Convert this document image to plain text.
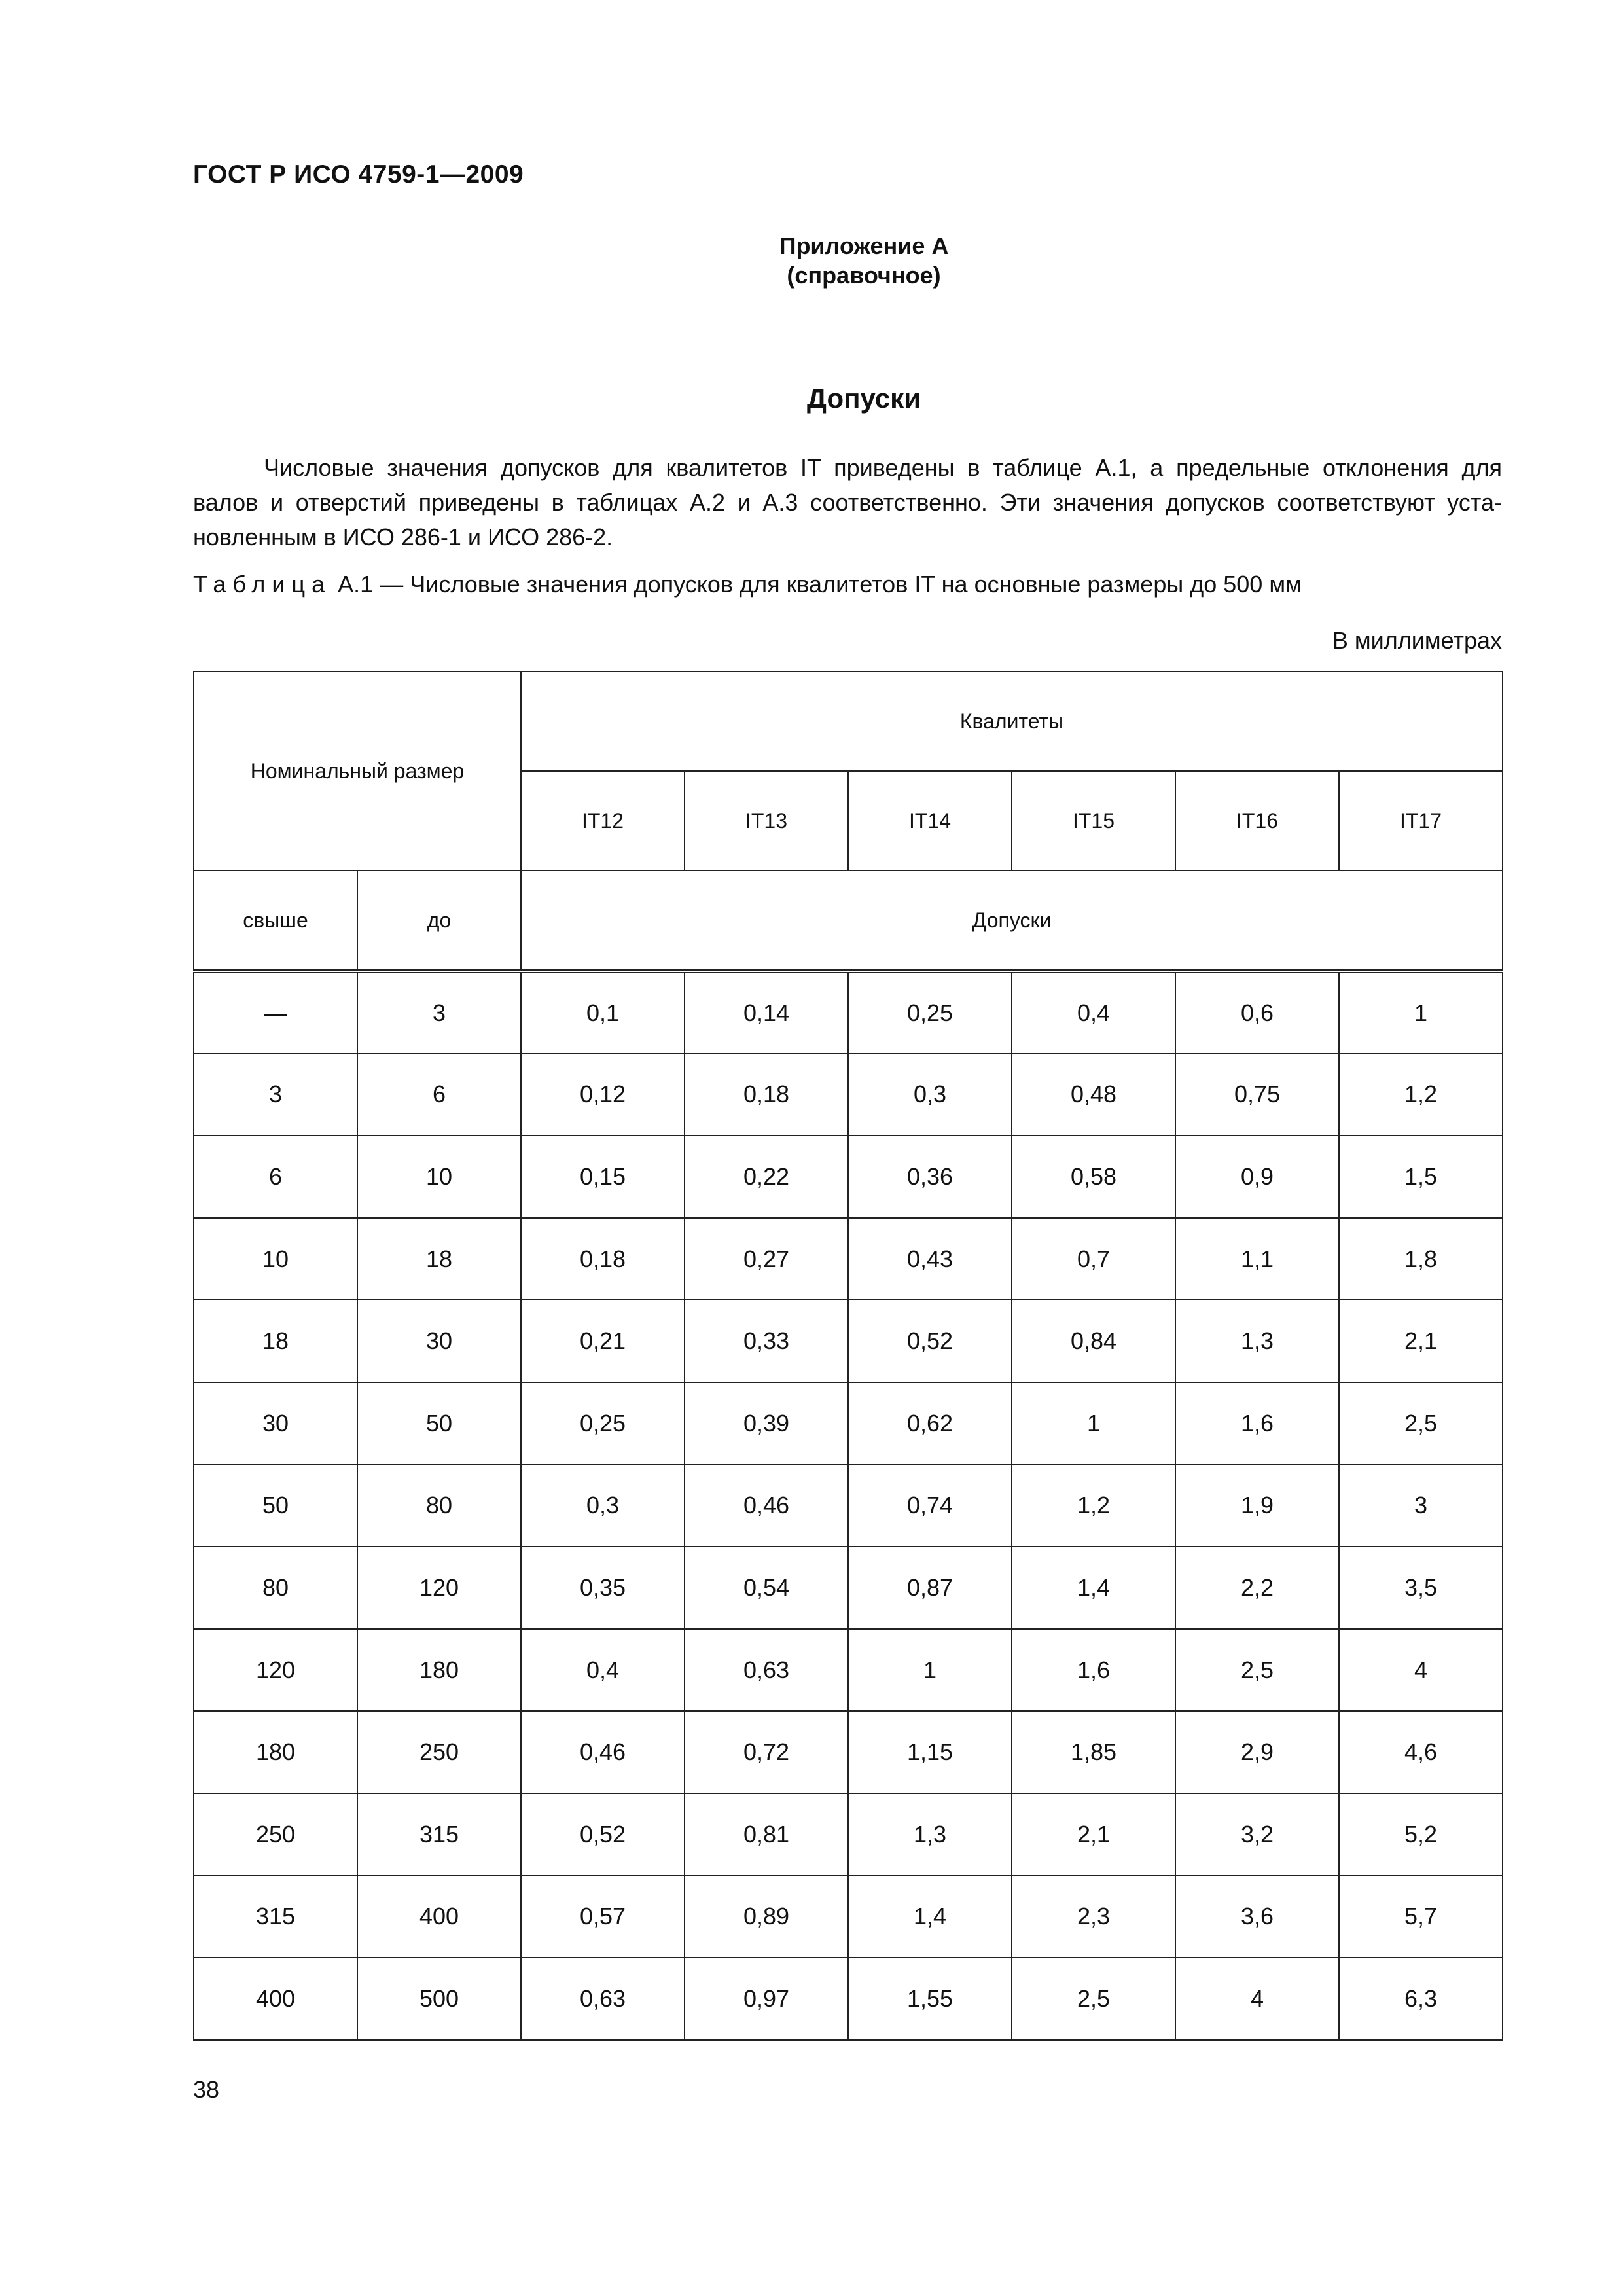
ГОСТ Р ИСО 4759-1—2009
Приложение А
(справочное)
Допуски

Числовые значения допусков для квалитетов IT приведены в таблице А.1, а предельные отклонения для
валов и отверстий приведены в таблицах А.2 и А.3 соответственно. Эти значения допусков соответствуют уста-
новленным в ИСО 286-1 и ИСО 286-2.

Таблица А.1 — Числовые значения допусков для квалитетов IT на основные размеры до 500 мм
В миллиметрах
Номинальный размер		Квалитеты					
		IT12	IT13	IT14	IT15	IT16	IT17
свыше	до	Допуски					
—	3	0,1	0,14	0,25	0,4	0,6	1
3	6	0,12	0,18	0,3	0,48	0,75	1,2
6	10	0,15	0,22	0,36	0,58	0,9	1,5
10	18	0,18	0,27	0,43	0,7	1,1	1,8
18	30	0,21	0,33	0,52	0,84	1,3	2,1
30	50	0,25	0,39	0,62	1	1,6	2,5
50	80	0,3	0,46	0,74	1,2	1,9	3
80	120	0,35	0,54	0,87	1,4	2,2	3,5
120	180	0,4	0,63	1	1,6	2,5	4
180	250	0,46	0,72	1,15	1,85	2,9	4,6
250	315	0,52	0,81	1,3	2,1	3,2	5,2
315	400	0,57	0,89	1,4	2,3	3,6	5,7
400	500	0,63	0,97	1,55	2,5	4	6,3
38
